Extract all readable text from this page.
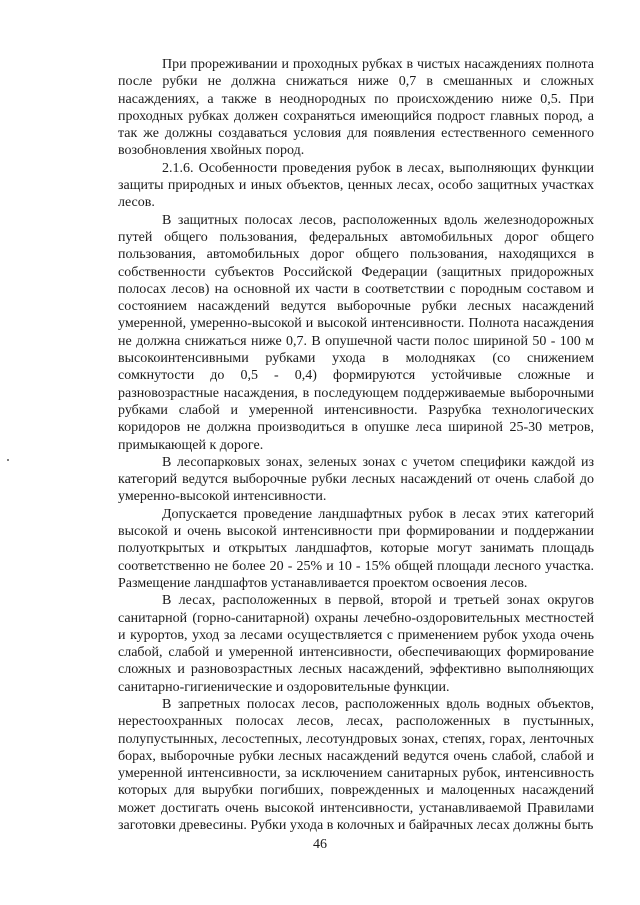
При прореживании и проходных рубках в чистых насаждениях полнота после рубки не должна снижаться ниже 0,7 в смешанных и сложных насаждениях, а также в неоднородных по происхождению ниже 0,5. При проходных рубках должен сохраняться имеющийся подрост главных пород, а так же должны создаваться условия для появления естественного семенного возобновления хвойных пород.

2.1.6. Особенности проведения рубок в лесах, выполняющих функции защиты природных и иных объектов, ценных лесах, особо защитных участках лесов.

В защитных полосах лесов, расположенных вдоль железнодорожных путей общего пользования, федеральных автомобильных дорог общего пользования, автомобильных дорог общего пользования, находящихся в собственности субъектов Российской Федерации (защитных придорожных полосах лесов) на основной их части в соответствии с породным составом и состоянием насаждений ведутся выборочные рубки лесных насаждений умеренной, умеренно-высокой и высокой интенсивности. Полнота насаждения не должна снижаться ниже 0,7. В опушечной части полос шириной 50 - 100 м высокоинтенсивными рубками ухода в молодняках (со снижением сомкнутости до 0,5 - 0,4) формируются устойчивые сложные и разновозрастные насаждения, в последующем поддерживаемые выборочными рубками слабой и умеренной интенсивности. Разрубка технологических коридоров не должна производиться в опушке леса шириной 25-30 метров, примыкающей к дороге.

В лесопарковых зонах, зеленых зонах с учетом специфики каждой из категорий ведутся выборочные рубки лесных насаждений от очень слабой до умеренно-высокой интенсивности.

Допускается проведение ландшафтных рубок в лесах этих категорий высокой и очень высокой интенсивности при формировании и поддержании полуоткрытых и открытых ландшафтов, которые могут занимать площадь соответственно не более 20 - 25% и 10 - 15% общей площади лесного участка. Размещение ландшафтов устанавливается проектом освоения лесов.

В лесах, расположенных в первой, второй и третьей зонах округов санитарной (горно-санитарной) охраны лечебно-оздоровительных местностей и курортов, уход за лесами осуществляется с применением рубок ухода очень слабой, слабой и умеренной интенсивности, обеспечивающих формирование сложных и разновозрастных лесных насаждений, эффективно выполняющих санитарно-гигиенические и оздоровительные функции.

В запретных полосах лесов, расположенных вдоль водных объектов, нерестоохранных полосах лесов, лесах, расположенных в пустынных, полупустынных, лесостепных, лесотундровых зонах, степях, горах, ленточных борах, выборочные рубки лесных насаждений ведутся очень слабой, слабой и умеренной интенсивности, за исключением санитарных рубок, интенсивность которых для вырубки погибших, поврежденных и малоценных насаждений может достигать очень высокой интенсивности, устанавливаемой Правилами заготовки древесины. Рубки ухода в колочных и байрачных лесах должны быть

46
